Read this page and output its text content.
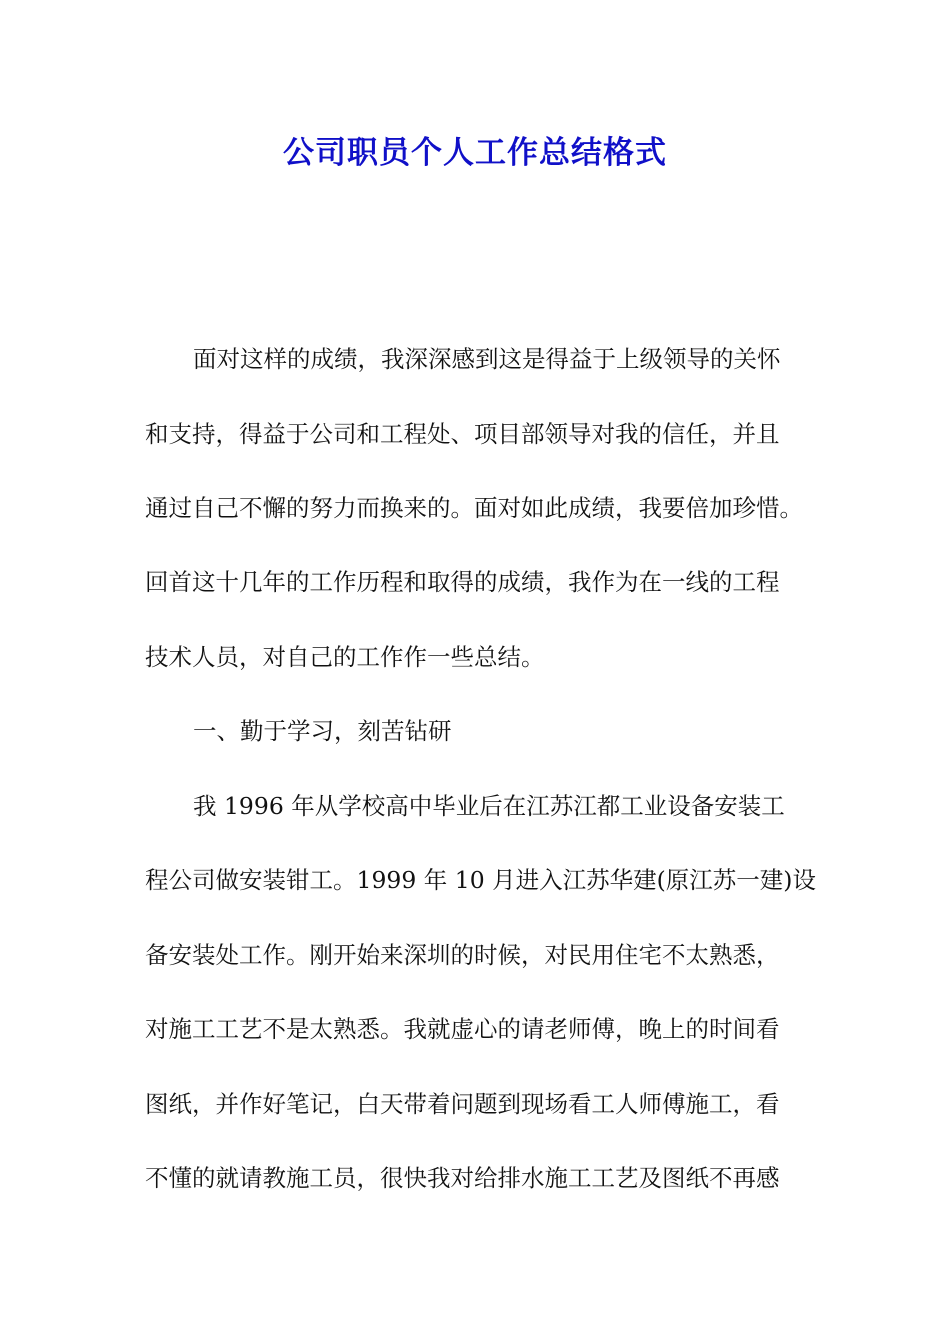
公司职员个人工作总结格式
面对这样的成绩，我深深感到这是得益于上级领导的关怀
和支持，得益于公司和工程处、项目部领导对我的信任，并且
通过自己不懈的努力而换来的。面对如此成绩，我要倍加珍惜。
回首这十几年的工作历程和取得的成绩，我作为在一线的工程
技术人员，对自己的工作作一些总结。
一、勤于学习，刻苦钻研
我 1996 年从学校高中毕业后在江苏江都工业设备安装工
程公司做安装钳工。1999 年 10 月进入江苏华建(原江苏一建)设
备安装处工作。刚开始来深圳的时候，对民用住宅不太熟悉，
对施工工艺不是太熟悉。我就虚心的请老师傅，晚上的时间看
图纸，并作好笔记，白天带着问题到现场看工人师傅施工，看
不懂的就请教施工员，很快我对给排水施工工艺及图纸不再感
